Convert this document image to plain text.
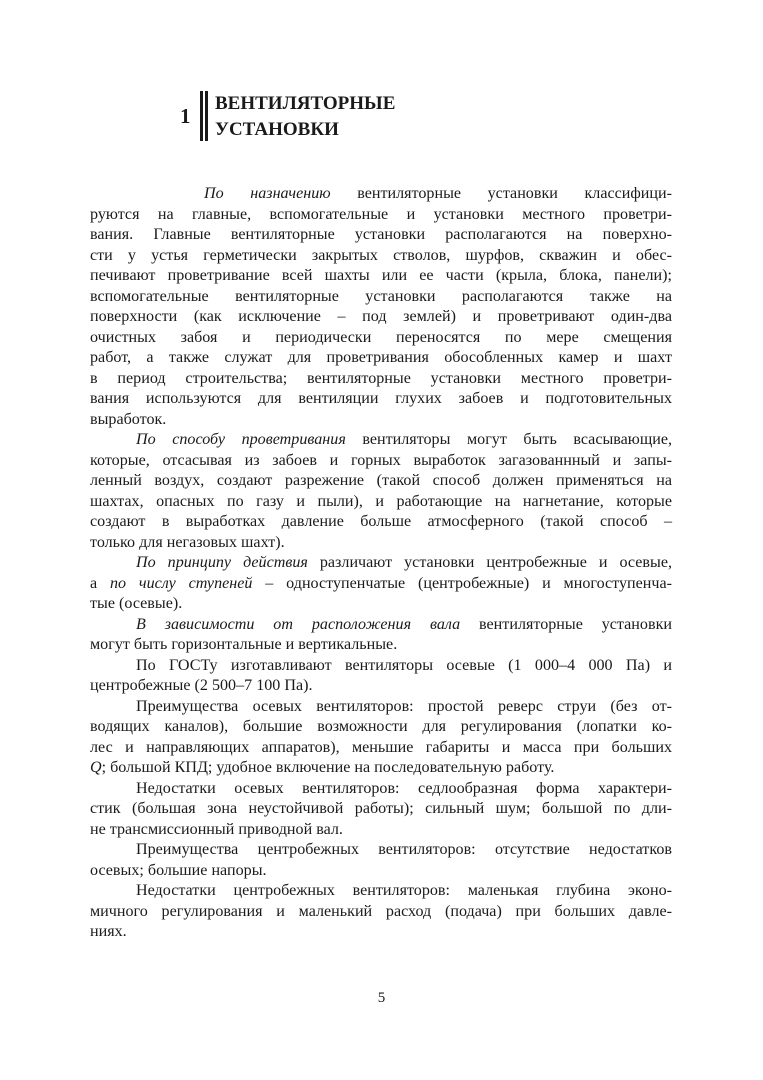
1
ВЕНТИЛЯТОРНЫЕ
УСТАНОВКИ
По назначению вентиляторные установки классифици-
руются на главные, вспомогательные и установки местного проветри-
вания. Главные вентиляторные установки располагаются на поверхно-
сти у устья герметически закрытых стволов, шурфов, скважин и обес-
печивают проветривание всей шахты или ее части (крыла, блока, панели);
вспомогательные вентиляторные установки располагаются также на
поверхности (как исключение – под землей) и проветривают один-два
очистных забоя и периодически переносятся по мере смещения
работ, а также служат для проветривания обособленных камер и шахт
в период строительства; вентиляторные установки местного проветри-
вания используются для вентиляции глухих забоев и подготовительных
выработок.
По способу проветривания вентиляторы могут быть всасывающие,
которые, отсасывая из забоев и горных выработок загазованнный и запы-
ленный воздух, создают разрежение (такой способ должен применяться на
шахтах, опасных по газу и пыли), и работающие на нагнетание, которые
создают в выработках давление больше атмосферного (такой способ –
только для негазовых шахт).
По принципу действия различают установки центробежные и осевые,
а по числу ступеней – одноступенчатые (центробежные) и многоступенча-
тые (осевые).
В зависимости от расположения вала вентиляторные установки
могут быть горизонтальные и вертикальные.
По ГОСТу изготавливают вентиляторы осевые (1 000–4 000 Па) и
центробежные (2 500–7 100 Па).
Преимущества осевых вентиляторов: простой реверс струи (без от-
водящих каналов), большие возможности для регулирования (лопатки ко-
лес и направляющих аппаратов), меньшие габариты и масса при больших
Q; большой КПД; удобное включение на последовательную работу.
Недостатки осевых вентиляторов: седлообразная форма характери-
стик (большая зона неустойчивой работы); сильный шум; большой по дли-
не трансмиссионный приводной вал.
Преимущества центробежных вентиляторов: отсутствие недостатков
осевых; большие напоры.
Недостатки центробежных вентиляторов: маленькая глубина эконо-
мичного регулирования и маленький расход (подача) при больших давле-
ниях.
5
